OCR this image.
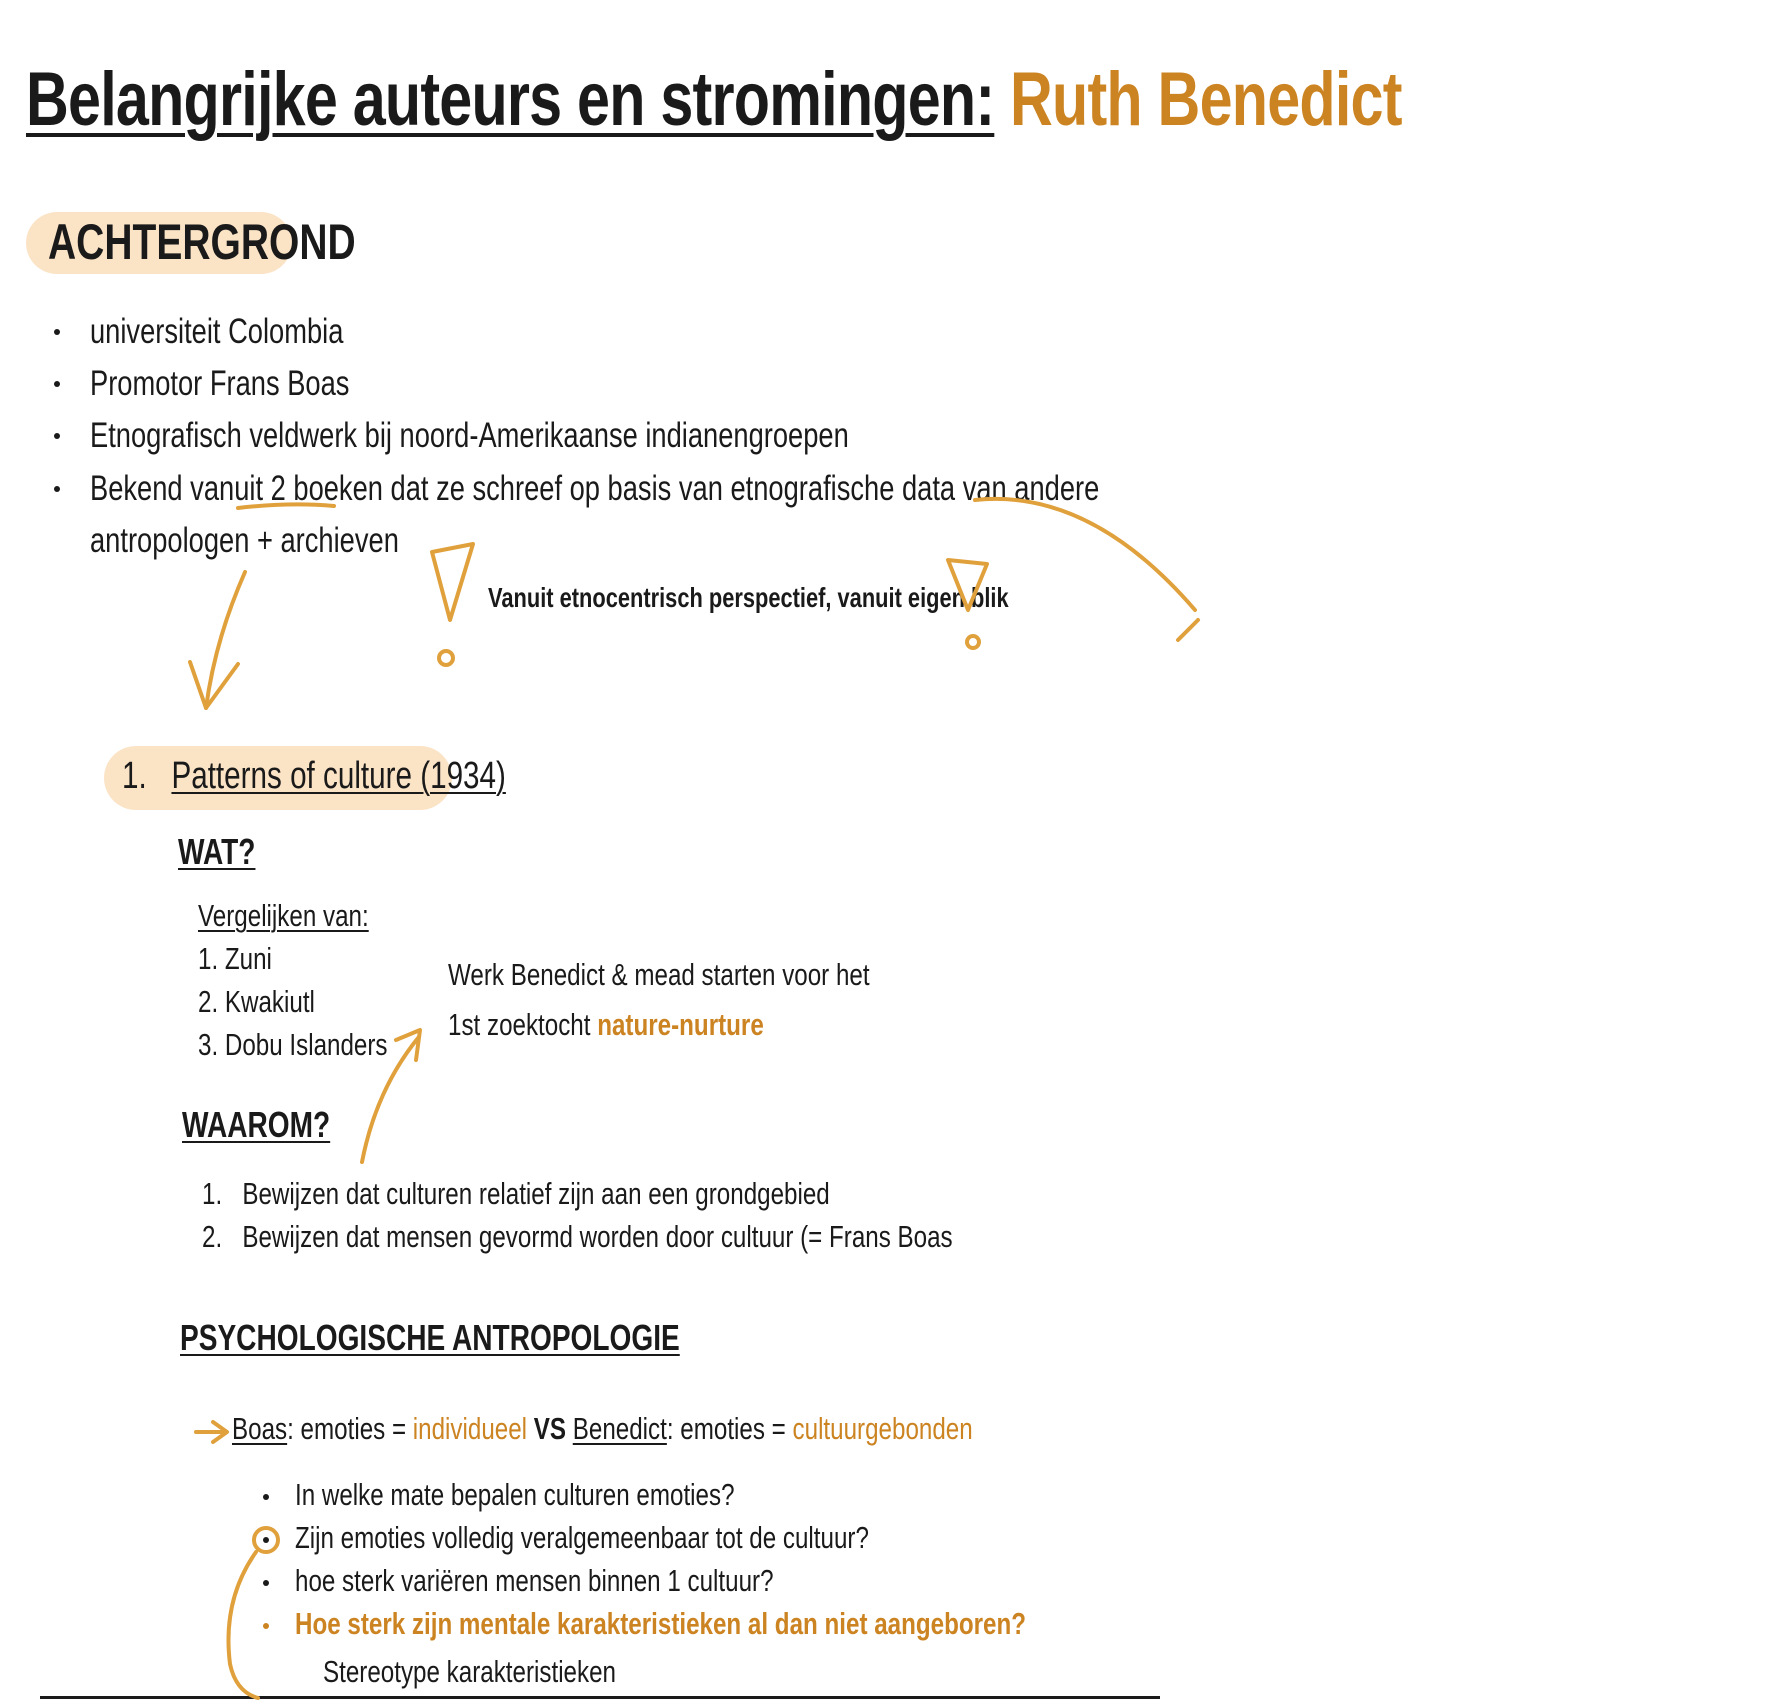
Belangrijke auteurs en stromingen: Ruth Benedict
ACHTERGROND
universiteit Colombia
Promotor Frans Boas
Etnografisch veldwerk bij noord-Amerikaanse indianengroepen
Bekend vanuit 2 boeken dat ze schreef op basis van etnografische data van andere
antropologen + archieven
Vanuit etnocentrisch perspectief, vanuit eigen blik
1. Patterns of culture (1934)
WAT?
Vergelijken van:
1. Zuni
2. Kwakiutl
3. Dobu Islanders
Werk Benedict & mead starten voor het
1st zoektocht nature-nurture
WAAROM?
1. Bewijzen dat culturen relatief zijn aan een grondgebied
2. Bewijzen dat mensen gevormd worden door cultuur (= Frans Boas
PSYCHOLOGISCHE ANTROPOLOGIE
Boas: emoties = individueel VS Benedict: emoties = cultuurgebonden
In welke mate bepalen culturen emoties?
Zijn emoties volledig veralgemeenbaar tot de cultuur?
hoe sterk variëren mensen binnen 1 cultuur?
Hoe sterk zijn mentale karakteristieken al dan niet aangeboren?
Stereotype karakteristieken
